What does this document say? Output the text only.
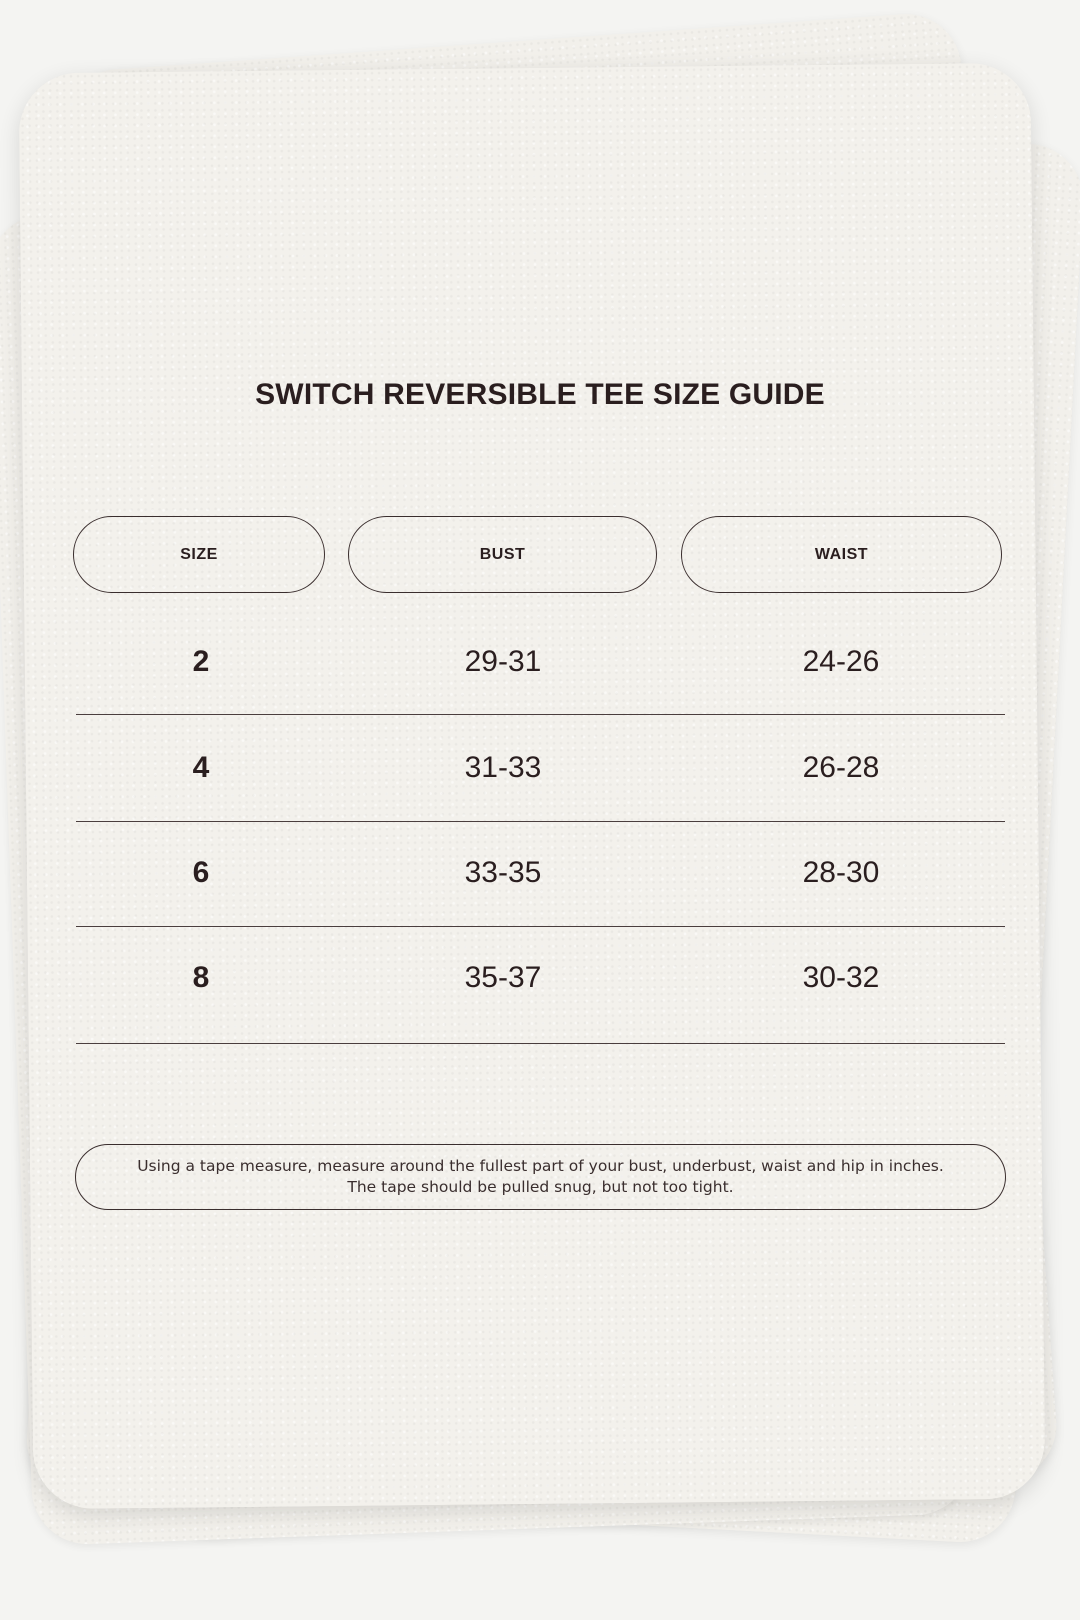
SWITCH REVERSIBLE TEE SIZE GUIDE
SIZE	BUST	WAIST
2	29-31	24-26
4	31-33	26-28
6	33-35	28-30
8	35-37	30-32
Using a tape measure, measure around the fullest part of your bust, underbust, waist and hip in inches.
The tape should be pulled snug, but not too tight.
